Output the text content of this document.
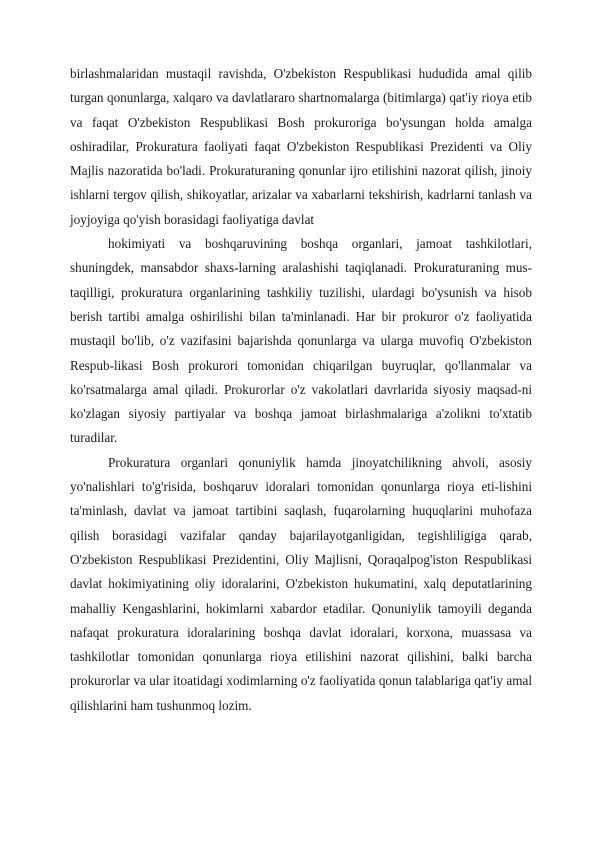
birlashmalaridan mustaqil ravishda, O'zbekiston Respublikasi hududida amal qilib turgan qonunlarga, xalqaro va davlatlararo shartnomalarga (bitimlarga) qat'iy rioya etib va faqat O'zbekiston Respublikasi Bosh prokuroriga bo'ysungan holda amalga oshiradilar, Prokuratura faoliyati faqat O'zbekiston Respublikasi Prezidenti va Oliy Majlis nazoratida bo'ladi. Prokuraturaning qonunlar ijro etilishini nazorat qilish, jinoiy ishlarni tergov qilish, shikoyatlar, arizalar va xabarlarni tekshirish, kadrlarni tanlash va joyjoyiga qo'yish borasidagi faoliyatiga davlat

hokimiyati va boshqaruvining boshqa organlari, jamoat tashkilotlari, shuningdek, mansabdor shaxs-larning aralashishi taqiqlanadi. Prokuraturaning mus-taqilligi, prokuratura organlarining tashkiliy tuzilishi, ulardagi bo'ysunish va hisob berish tartibi amalga oshirilishi bilan ta'minlanadi. Har bir prokuror o'z faoliyatida mustaqil bo'lib, o'z vazifasini bajarishda qonunlarga va ularga muvofiq O'zbekiston Respub-likasi Bosh prokurori tomonidan chiqarilgan buyruqlar, qo'llanmalar va ko'rsatmalarga amal qiladi. Prokurorlar o'z vakolatlari davrlarida siyosiy maqsad-ni ko'zlagan siyosiy partiyalar va boshqa jamoat birlashmalariga a'zolikni to'xtatib turadilar.

Prokuratura organlari qonuniylik hamda jinoyatchilikning ahvoli, asosiy yo'nalishlari to'g'risida, boshqaruv idoralari tomonidan qonunlarga rioya eti-lishini ta'minlash, davlat va jamoat tartibini saqlash, fuqarolarning huquqlarini muhofaza qilish borasidagi vazifalar qanday bajarilayotganligidan, tegishliligiga qarab, O'zbekiston Respublikasi Prezidentini, Oliy Majlisni, Qoraqalpog'iston Respublikasi davlat hokimiyatining oliy idoralarini, O'zbekiston hukumatini, xalq deputatlarining mahalliy Kengashlarini, hokimlarni xabardor etadilar. Qonuniylik tamoyili deganda nafaqat prokuratura idoralarining boshqa davlat idoralari, korxona, muassasa va tashkilotlar tomonidan qonunlarga rioya etilishini nazorat qilishini, balki barcha prokurorlar va ular itoatidagi xodimlarning o'z faoliyatida qonun talablariga qat'iy amal qilishlarini ham tushunmoq lozim.
